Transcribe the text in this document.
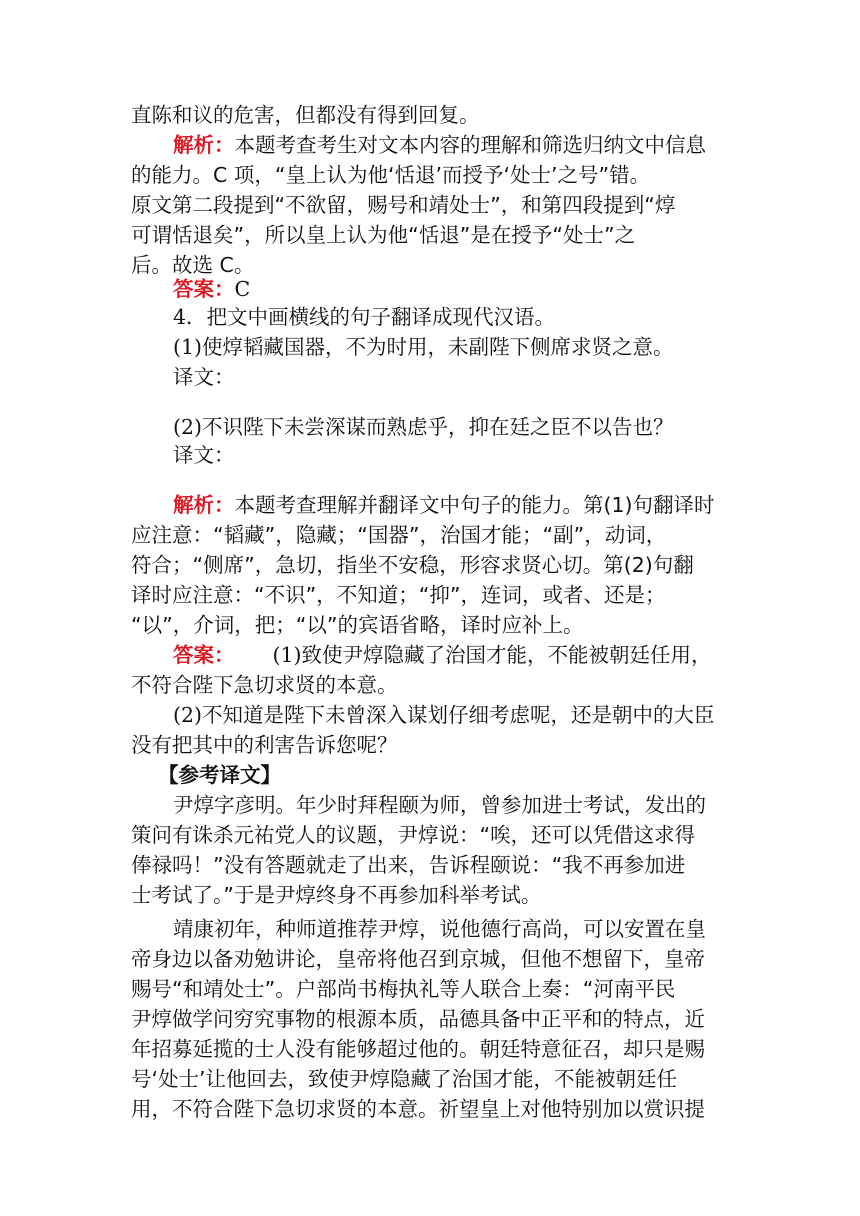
直陈和议的危害，但都没有得到回复。
解析：本题考查考生对文本内容的理解和筛选归纳文中信息
的能力。C 项，“皇上认为他‘恬退’而授予‘处士’之号”错。
原文第二段提到“不欲留，赐号和靖处士”，和第四段提到“焞
可谓恬退矣”，所以皇上认为他“恬退”是在授予“处士”之
后。故选 C。
答案：C
4．把文中画横线的句子翻译成现代汉语。
(1)使焞韬藏国器，不为时用，未副陛下侧席求贤之意。
译文：
(2)不识陛下未尝深谋而熟虑乎，抑在廷之臣不以告也？
译文：
解析：本题考查理解并翻译文中句子的能力。第(1)句翻译时
应注意：“韬藏”，隐藏；“国器”，治国才能；“副”，动词，
符合；“侧席”，急切，指坐不安稳，形容求贤心切。第(2)句翻
译时应注意：“不识”，不知道；“抑”，连词，或者、还是；
“以”，介词，把；“以”的宾语省略，译时应补上。
答案： (1)致使尹焞隐藏了治国才能，不能被朝廷任用，
不符合陛下急切求贤的本意。
(2)不知道是陛下未曾深入谋划仔细考虑呢，还是朝中的大臣
没有把其中的利害告诉您呢？
【参考译文】
尹焞字彦明。年少时拜程颐为师，曾参加进士考试，发出的
策问有诛杀元祐党人的议题，尹焞说：“唉，还可以凭借这求得
俸禄吗！”没有答题就走了出来，告诉程颐说：“我不再参加进
士考试了。”于是尹焞终身不再参加科举考试。
靖康初年，种师道推荐尹焞，说他德行高尚，可以安置在皇
帝身边以备劝勉讲论，皇帝将他召到京城，但他不想留下，皇帝
赐号“和靖处士”。户部尚书梅执礼等人联合上奏：“河南平民
尹焞做学问穷究事物的根源本质，品德具备中正平和的特点，近
年招募延揽的士人没有能够超过他的。朝廷特意征召，却只是赐
号‘处士’让他回去，致使尹焞隐藏了治国才能，不能被朝廷任
用，不符合陛下急切求贤的本意。祈望皇上对他特别加以赏识提
